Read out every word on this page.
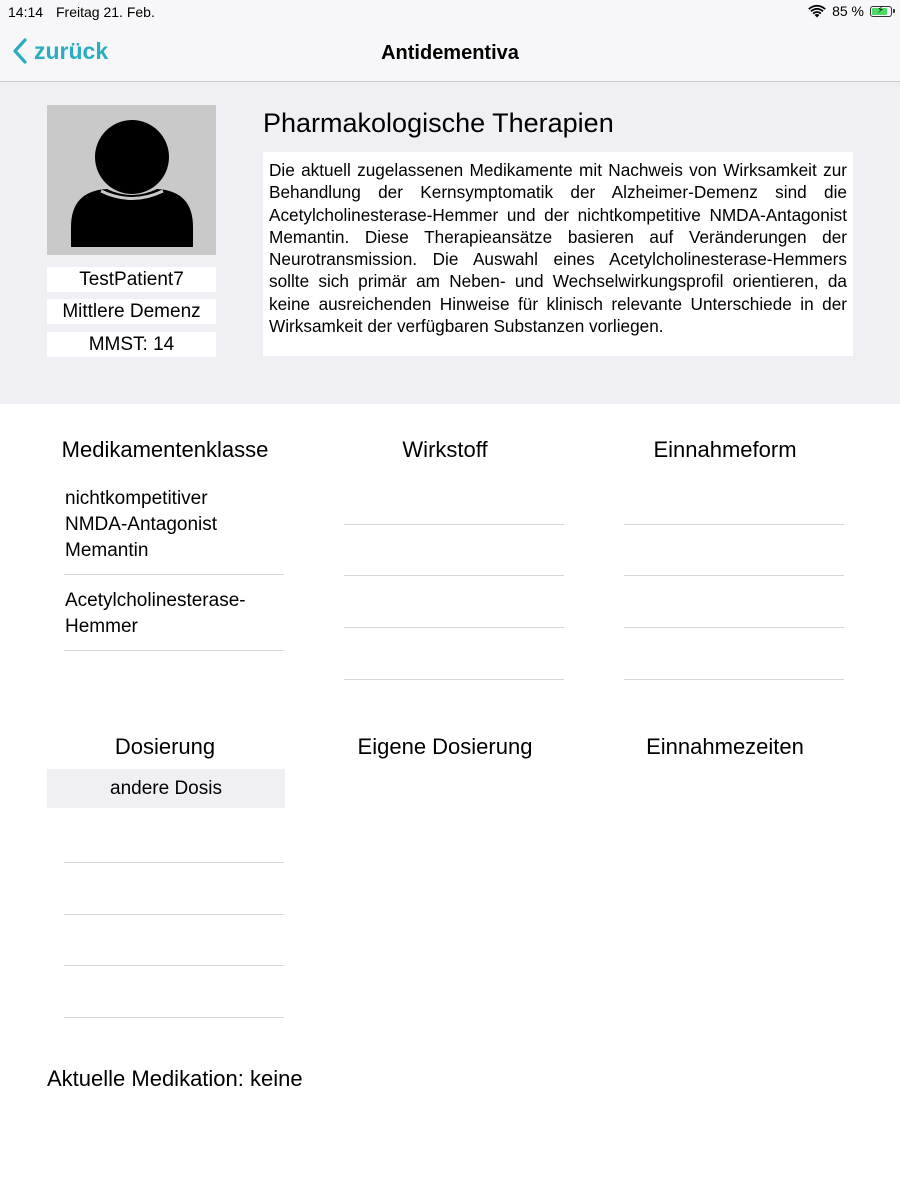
14:14 Freitag 21. Feb.	85 % ⚡
zurück	Antidementiva
TestPatient7
Mittlere Demenz
MMST: 14
Pharmakologische Therapien
Die aktuell zugelassenen Medikamente mit Nachweis von Wirksamkeit zur Behandlung der Kernsymptomatik der Alzheimer-Demenz sind die Acetylcholinesterase-Hemmer und der nichtkompetitive NMDA-Antagonist Memantin. Diese Therapieansätze basieren auf Veränderungen der Neurotransmission. Die Auswahl eines Acetylcholinesterase-Hemmers sollte sich primär am Neben- und Wechselwirkungsprofil orientieren, da keine ausreichenden Hinweise für klinisch relevante Unterschiede in der Wirksamkeit der verfügbaren Substanzen vorliegen.
Medikamentenklasse	Wirkstoff	Einnahmeform
nichtkompetitiver NMDA-Antagonist Memantin
Acetylcholinesterase-Hemmer
Dosierung	Eigene Dosierung	Einnahmezeiten
andere Dosis
Aktuelle Medikation: keine
